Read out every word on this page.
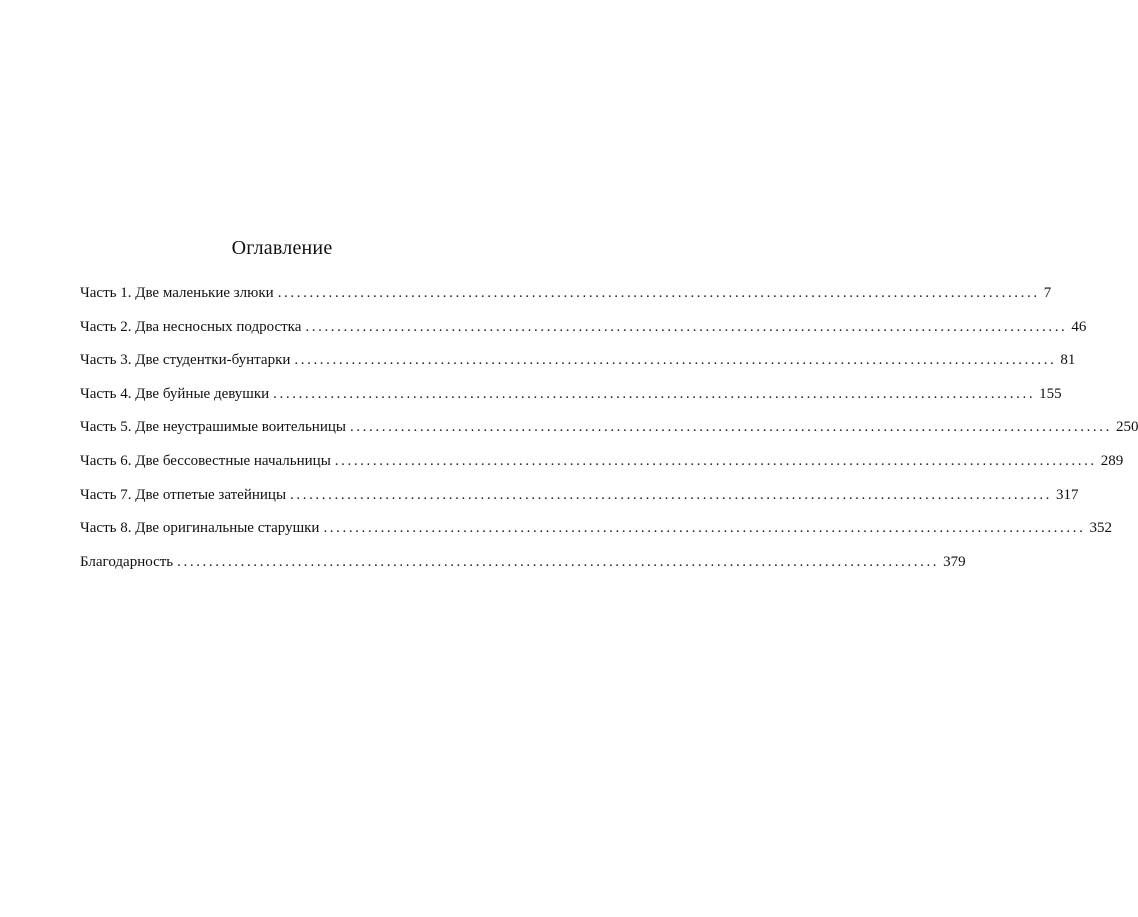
Оглавление
Часть 1. Две маленькие злюки ........................................................................................................................ 7
Часть 2. Два несносных подростка ........................................................................................................................ 46
Часть 3. Две студентки-бунтарки ........................................................................................................................ 81
Часть 4. Две буйные девушки ........................................................................................................................ 155
Часть 5. Две неустрашимые воительницы ........................................................................................................................ 250
Часть 6. Две бессовестные начальницы ........................................................................................................................ 289
Часть 7. Две отпетые затейницы ........................................................................................................................ 317
Часть 8. Две оригинальные старушки ........................................................................................................................ 352
Благодарность ........................................................................................................................ 379
